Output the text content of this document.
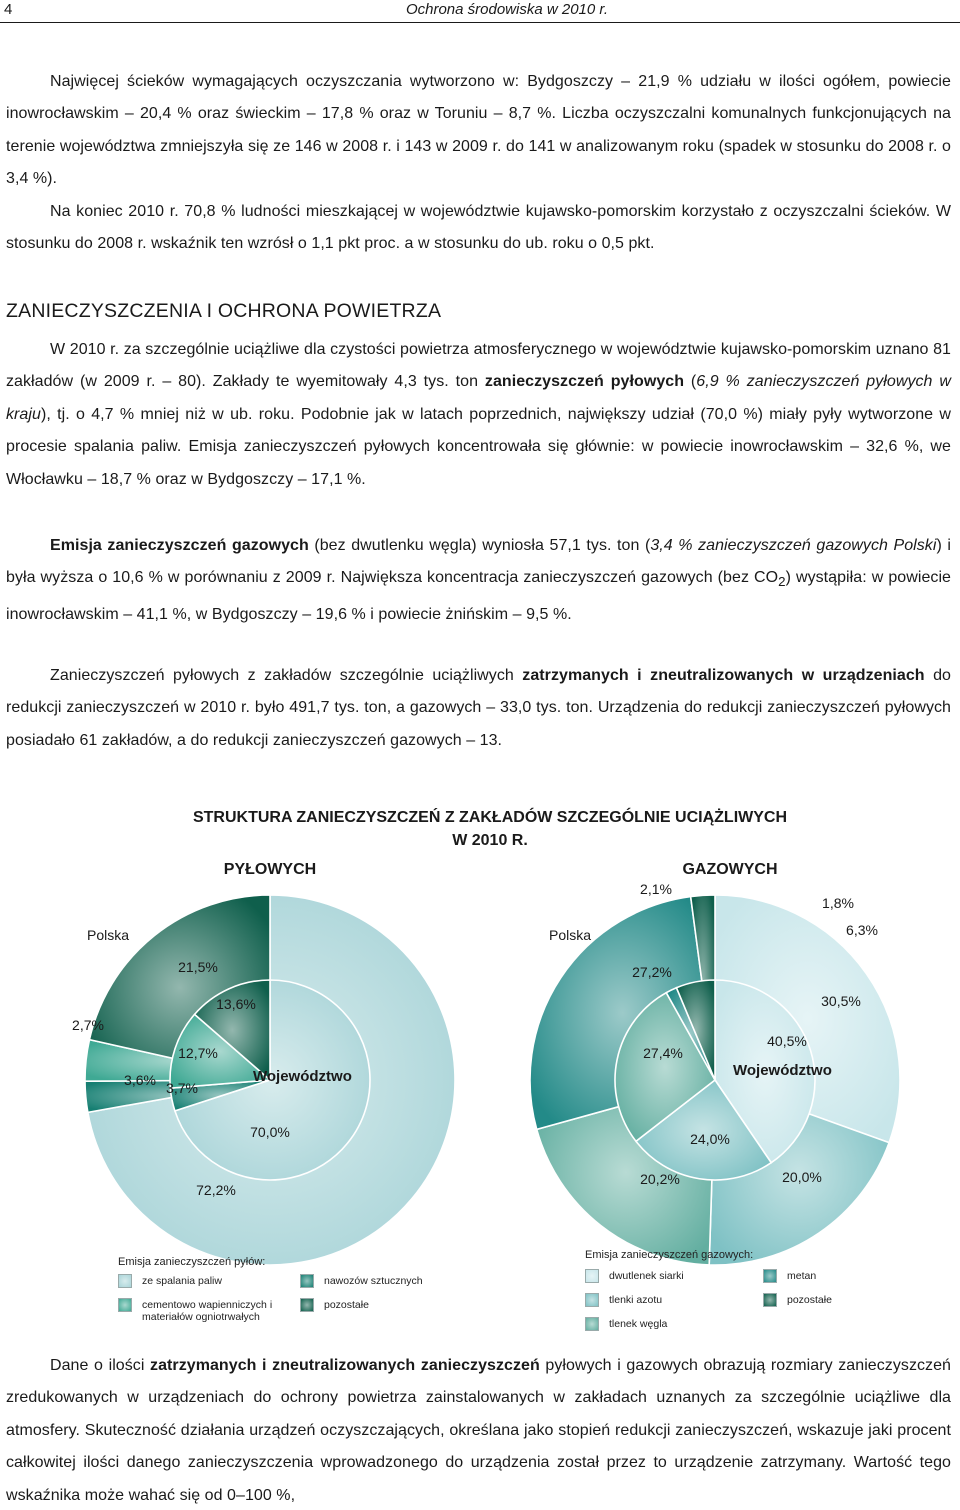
4	Ochrona środowiska w 2010 r.
Najwięcej ścieków wymagających oczyszczania wytworzono w: Bydgoszczy – 21,9 % udziału w ilości ogółem, powiecie inowrocławskim – 20,4 % oraz świeckim – 17,8 % oraz w Toruniu – 8,7 %. Liczba oczyszczalni komunalnych funkcjonujących na terenie województwa zmniejszyła się ze 146 w 2008 r. i 143 w 2009 r. do 141 w analizowanym roku (spadek w stosunku do 2008 r. o 3,4 %).
Na koniec 2010 r. 70,8 % ludności mieszkającej w województwie kujawsko-pomorskim korzystało z oczyszczalni ścieków. W stosunku do 2008 r. wskaźnik ten wzrósł o 1,1 pkt proc. a w stosunku do ub. roku o 0,5 pkt.
ZANIECZYSZCZENIA I OCHRONA POWIETRZA
W 2010 r. za szczególnie uciążliwe dla czystości powietrza atmosferycznego w województwie kujawsko-pomorskim uznano 81 zakładów (w 2009 r. – 80). Zakłady te wyemitowały 4,3 tys. ton zanieczyszczeń pyłowych (6,9 % zanieczyszczeń pyłowych w kraju), tj. o 4,7 % mniej niż w ub. roku. Podobnie jak w latach poprzednich, największy udział (70,0 %) miały pyły wytworzone w procesie spalania paliw. Emisja zanieczyszczeń pyłowych koncentrowała się głównie: w powiecie inowrocławskim – 32,6 %, we Włocławku – 18,7 % oraz w Bydgoszczy – 17,1 %.
Emisja zanieczyszczeń gazowych (bez dwutlenku węgla) wyniosła 57,1 tys. ton (3,4 % zanieczyszczeń gazowych Polski) i była wyższa o 10,6 % w porównaniu z 2009 r. Największa koncentracja zanieczyszczeń gazowych (bez $CO_2$) wystąpiła: w powiecie inowrocławskim – 41,1 %, w Bydgoszczy – 19,6 % i powiecie żnińskim – 9,5 %.
Zanieczyszczeń pyłowych z zakładów szczególnie uciążliwych zatrzymanych i zneutralizowanych w urządzeniach do redukcji zanieczyszczeń w 2010 r. było 491,7 tys. ton, a gazowych – 33,0 tys. ton. Urządzenia do redukcji zanieczyszczeń pyłowych posiadało 61 zakładów, a do redukcji zanieczyszczeń gazowych – 13.
STRUKTURA ZANIECZYSZCZEŃ Z ZAKŁADÓW SZCZEGÓLNIE UCIĄŻLIWYCH
W 2010 R.
PYŁOWYCH
Polska
Województwo
72,2%
2,7%
3,6%
21,5%
70,0%
3,7%
12,7%
13,6%
GAZOWYCH
Polska
Województwo
30,5%
20,0%
20,2%
27,2%
2,1%
40,5%
24,0%
27,4%
1,8%
6,3%
Emisja zanieczyszczeń pyłów:
ze spalania paliw	nawozów sztucznych
cementowo wapienniczych i materiałów ogniotrwałych
pozostałe
Emisja zanieczyszczeń gazowych:
dwutlenek siarki
tlenki azotu
tlenek węgla
metan
pozostałe
Dane o ilości zatrzymanych i zneutralizowanych zanieczyszczeń pyłowych i gazowych obrazują rozmiary zanieczyszczeń zredukowanych w urządzeniach do ochrony powietrza zainstalowanych w zakładach uznanych za szczególnie uciążliwe dla atmosfery. Skuteczność działania urządzeń oczyszczających, określana jako stopień redukcji zanieczyszczeń, wskazuje jaki procent całkowitej ilości danego zanieczyszczenia wprowadzonego do urządzenia został przez to urządzenie zatrzymany. Wartość tego wskaźnika może wahać się od 0–100 %,
